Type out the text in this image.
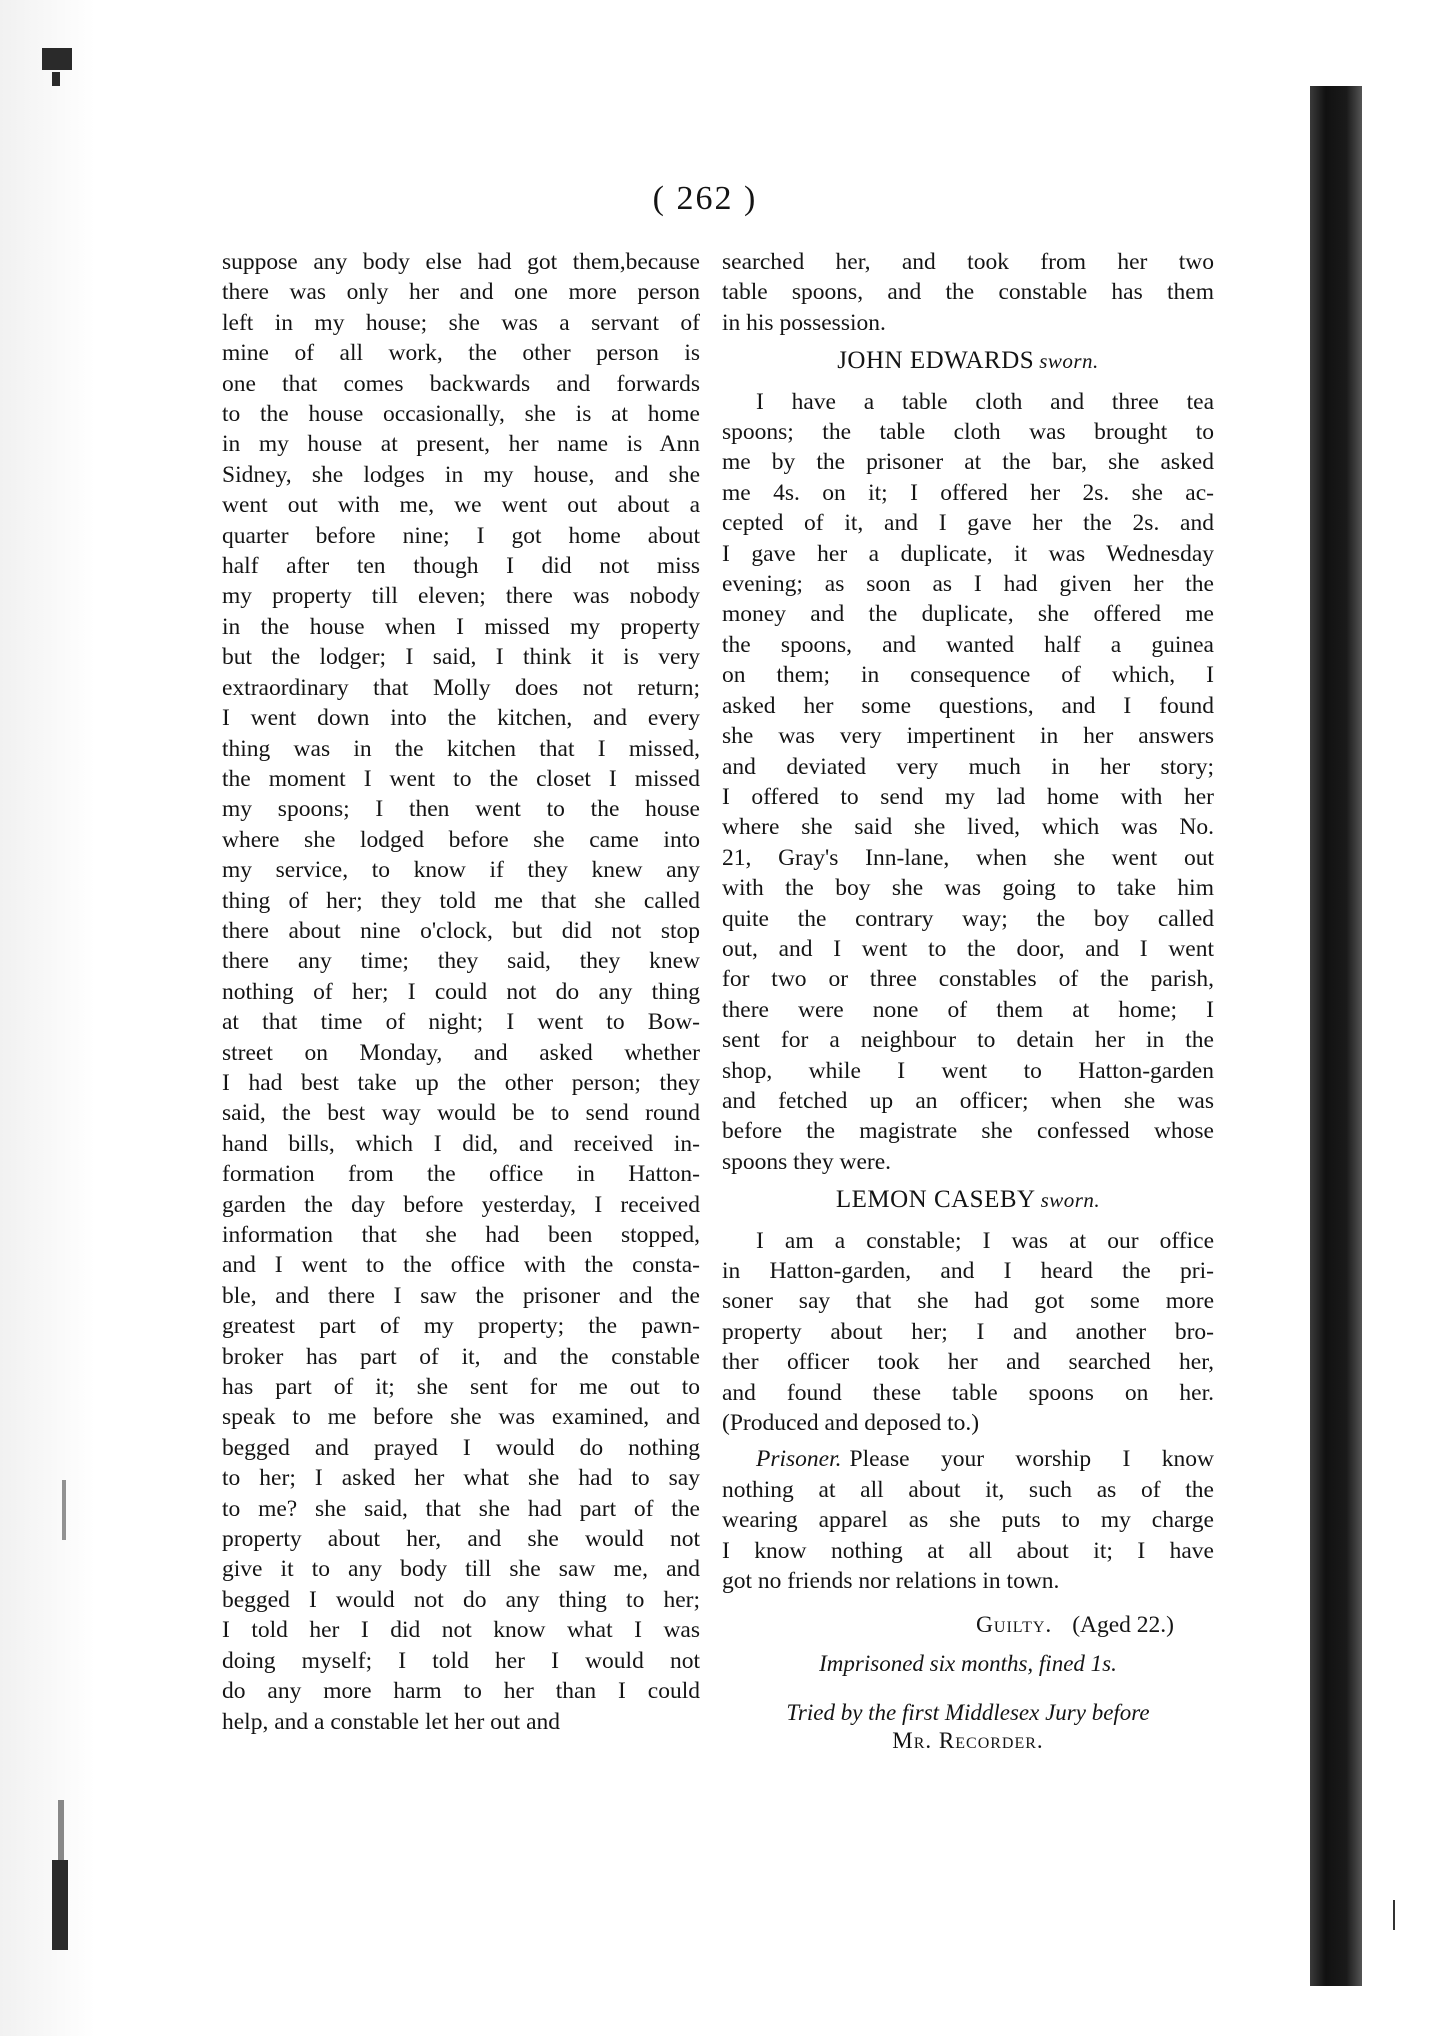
( 262 )
suppose any body else had got them,because
there was only her and one more person
left in my house; she was a servant of
mine of all work, the other person is
one that comes backwards and forwards
to the house occasionally, she is at home
in my house at present, her name is Ann
Sidney, she lodges in my house, and she
went out with me, we went out about a
quarter before nine; I got home about
half after ten though I did not miss
my property till eleven; there was nobody
in the house when I missed my property
but the lodger; I said, I think it is very
extraordinary that Molly does not return;
I went down into the kitchen, and every
thing was in the kitchen that I missed,
the moment I went to the closet I missed
my spoons; I then went to the house
where she lodged before she came into
my service, to know if they knew any
thing of her; they told me that she called
there about nine o'clock, but did not stop
there any time; they said, they knew
nothing of her; I could not do any thing
at that time of night; I went to Bow-
street on Monday, and asked whether
I had best take up the other person; they
said, the best way would be to send round
hand bills, which I did, and received in-
formation from the office in Hatton-
garden the day before yesterday, I received
information that she had been stopped,
and I went to the office with the consta-
ble, and there I saw the prisoner and the
greatest part of my property; the pawn-
broker has part of it, and the constable
has part of it; she sent for me out to
speak to me before she was examined, and
begged and prayed I would do nothing
to her; I asked her what she had to say
to me? she said, that she had part of the
property about her, and she would not
give it to any body till she saw me, and
begged I would not do any thing to her;
I told her I did not know what I was
doing myself; I told her I would not
do any more harm to her than I could
help, and a constable let her out and
searched her, and took from her two
table spoons, and the constable has them
in his possession.
JOHN EDWARDS sworn.
I have a table cloth and three tea
spoons; the table cloth was brought to
me by the prisoner at the bar, she asked
me 4s. on it; I offered her 2s. she ac-
cepted of it, and I gave her the 2s. and
I gave her a duplicate, it was Wednesday
evening; as soon as I had given her the
money and the duplicate, she offered me
the spoons, and wanted half a guinea
on them; in consequence of which, I
asked her some questions, and I found
she was very impertinent in her answers
and deviated very much in her story;
I offered to send my lad home with her
where she said she lived, which was No.
21, Gray's Inn-lane, when she went out
with the boy she was going to take him
quite the contrary way; the boy called
out, and I went to the door, and I went
for two or three constables of the parish,
there were none of them at home; I
sent for a neighbour to detain her in the
shop, while I went to Hatton-garden
and fetched up an officer; when she was
before the magistrate she confessed whose
spoons they were.
LEMON CASEBY sworn.
I am a constable; I was at our office
in Hatton-garden, and I heard the pri-
soner say that she had got some more
property about her; I and another bro-
ther officer took her and searched her,
and found these table spoons on her.
(Produced and deposed to.)
Prisoner. Please your worship I know
nothing at all about it, such as of the
wearing apparel as she puts to my charge
I know nothing at all about it; I have
got no friends nor relations in town.
Guilty. (Aged 22.)
Imprisoned six months, fined 1s.
Tried by the first Middlesex Jury before
Mr. Recorder.
